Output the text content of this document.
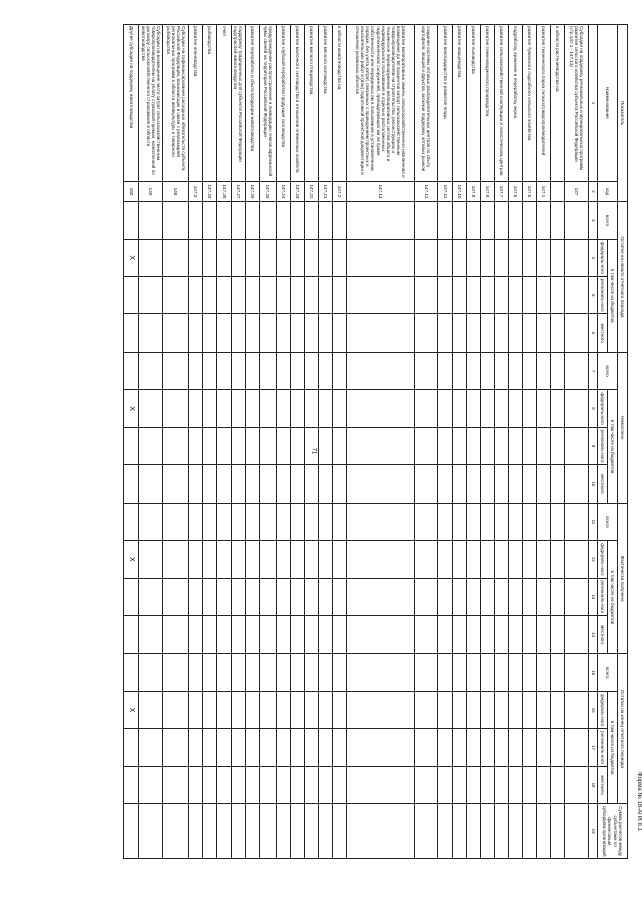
71
Форма № 18-АПК п.1
Показатель		Остатки на начало отчетного периода				Начислено				Фактически получено				Остатки на конец отчетного периода				Сумма расчетов между субъектами по финансовым субсидиям организаций
Наименование	код	всего	в том числе из бюджетов			всего	в том числе из бюджетов			всего	в том числе из бюджетов			всего	в том числе из бюджетов			
			федераль-ного	региональ-ного	местного		федераль-ного	региональ-ного	местного		федераль-ного	региональ-ного	местного		федераль-ного	региональ-ного	местного	
1	2	3	4	5	6	7	8	9	10	11	12	13	14	15	16	17	18	19
Субсидии на поддержку региональных и муниципальных программ развития сельского хозяйства субъекта Российской Федерации (стр.147.1 - 147.13)	147																	
в области растениеводства на:																		
развитие технического парка сельхозтоваропроизводителей	147.1																	
развитие Тувинского подсобного сельского хозяйства	147.5																	
подработку, хранение и переработку зерна	147.6																	
развитие сельскохозяйственной кооперации и логистических центров	147.7																	
развитие семеноводческого производства	147.8																	
развитие льноводства	147.9																	
развитие овощеводства	147.10																	
развитие виноградарства и развитие ягоды	147.11																	
создание системы оптовых распределительных центров по сбыту картофеля, овощей и фруктов, включая поддержку оптовых рынков	147.12																	
развитие мелиоративных земель сельскохозяйственного назначения и возмещение до 50 процентов затрат сельскохозяйственным товаропроизводителям на строительство, реконструкцию и техническое перевооружение мелиоративных систем общего и индивидуального пользования и отдельно расположенных гидротехнических сооружений, принадлежащих им на праве собственности или переданных им в пользование в установленном порядке, без учета затрат, связанных с проведением проектных и изыскательских работ и (или) подготовкой проектной документации в отношении указанных объектов	147.13																	
в области животноводства на:	147.2																	
развитие мясного скотоводства	147.21																	
развитие мясного птицеводства	147.22																	
развитие молочного скотоводства в отношении племенных хозяйств	147.23																	
развитие глубокой переработки продукции скотоводства	147.24																	
предупреждение распространения и ликвидацию очагов африканской чумы свиней на территории Российской Федерации	147.25																	
развитие переработки и сбыта продукции животноводства	147.26																	
поддержку традиционных для субъекта Российской Федерации подотраслей животноводства	147.27																	
пчел	147.28																	
рыбоводства	147.29																	
развитие оленеводства	147.3																	
Субсидии на софинансирование расходных обязательств субъекта Российской Федерации, возникающих в связи с реализацией региональных программ в области аквакультуры и товарного рыбоводства	148																	
Субсидии на возмещение части затрат сельскохозяйственным товаропроизводителям на уплату страховой премии, начисленной по договору сельскохозяйственного страхования в области животноводства	149																	
Другие субсидии на поддержку животноводства	150		X				X				X				X			
